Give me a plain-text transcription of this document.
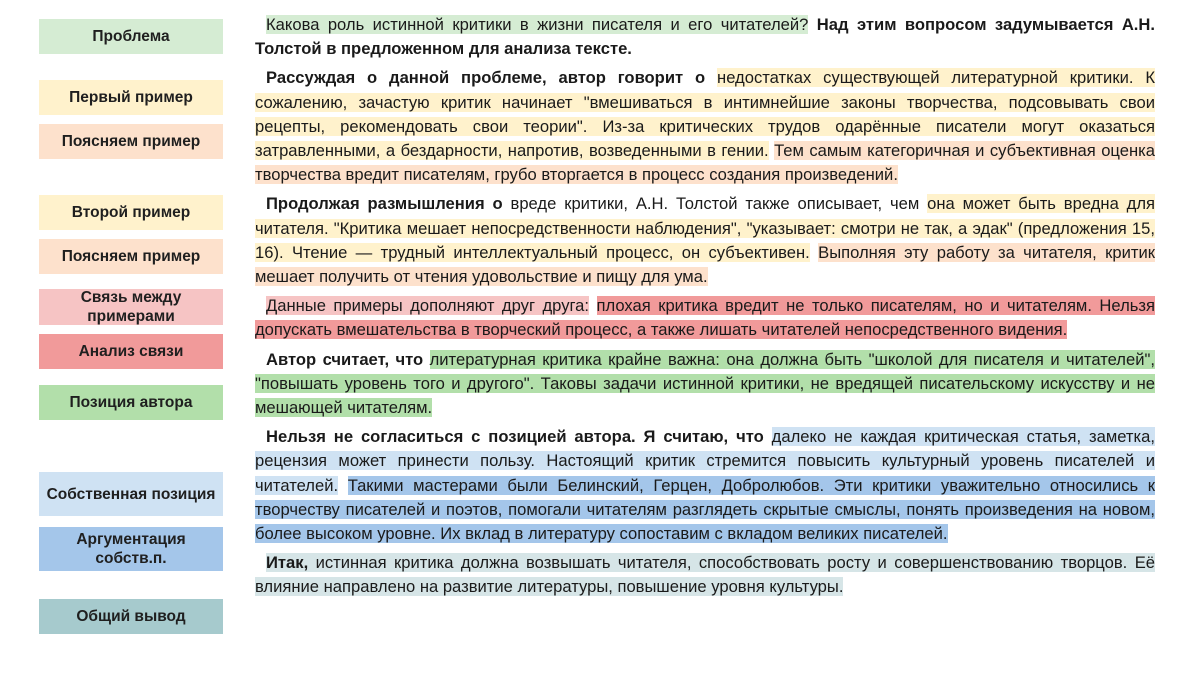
Проблема
Первый пример
Поясняем пример
Второй пример
Поясняем пример
Связь между примерами
Анализ связи
Позиция автора
Собственная позиция
Аргументация собств.п.
Общий вывод

Какова роль истинной критики в жизни писателя и его читателей? Над этим вопросом задумывается А.Н. Толстой в предложенном для анализа тексте.

Рассуждая о данной проблеме, автор говорит о недостатках существующей литературной критики. К сожалению, зачастую критик начинает "вмешиваться в интимнейшие законы творчества, подсовывать свои рецепты, рекомендовать свои теории". Из-за критических трудов одарённые писатели могут оказаться затравленными, а бездарности, напротив, возведенными в гении. Тем самым категоричная и субъективная оценка творчества вредит писателям, грубо вторгается в процесс создания произведений.

Продолжая размышления о вреде критики, А.Н. Толстой также описывает, чем она может быть вредна для читателя. "Критика мешает непосредственности наблюдения", "указывает: смотри не так, а эдак" (предложения 15, 16). Чтение — трудный интеллектуальный процесс, он субъективен. Выполняя эту работу за читателя, критик мешает получить от чтения удовольствие и пищу для ума.

Данные примеры дополняют друг друга: плохая критика вредит не только писателям, но и читателям. Нельзя допускать вмешательства в творческий процесс, а также лишать читателей непосредственного видения.

Автор считает, что литературная критика крайне важна: она должна быть "школой для писателя и читателей", "повышать уровень того и другого". Таковы задачи истинной критики, не вредящей писательскому искусству и не мешающей читателям.

Нельзя не согласиться с позицией автора. Я считаю, что далеко не каждая критическая статья, заметка, рецензия может принести пользу. Настоящий критик стремится повысить культурный уровень писателей и читателей. Такими мастерами были Белинский, Герцен, Добролюбов. Эти критики уважительно относились к творчеству писателей и поэтов, помогали читателям разглядеть скрытые смыслы, понять произведения на новом, более высоком уровне. Их вклад в литературу сопоставим с вкладом великих писателей.

Итак, истинная критика должна возвышать читателя, способствовать росту и совершенствованию творцов. Её влияние направлено на развитие литературы, повышение уровня культуры.
